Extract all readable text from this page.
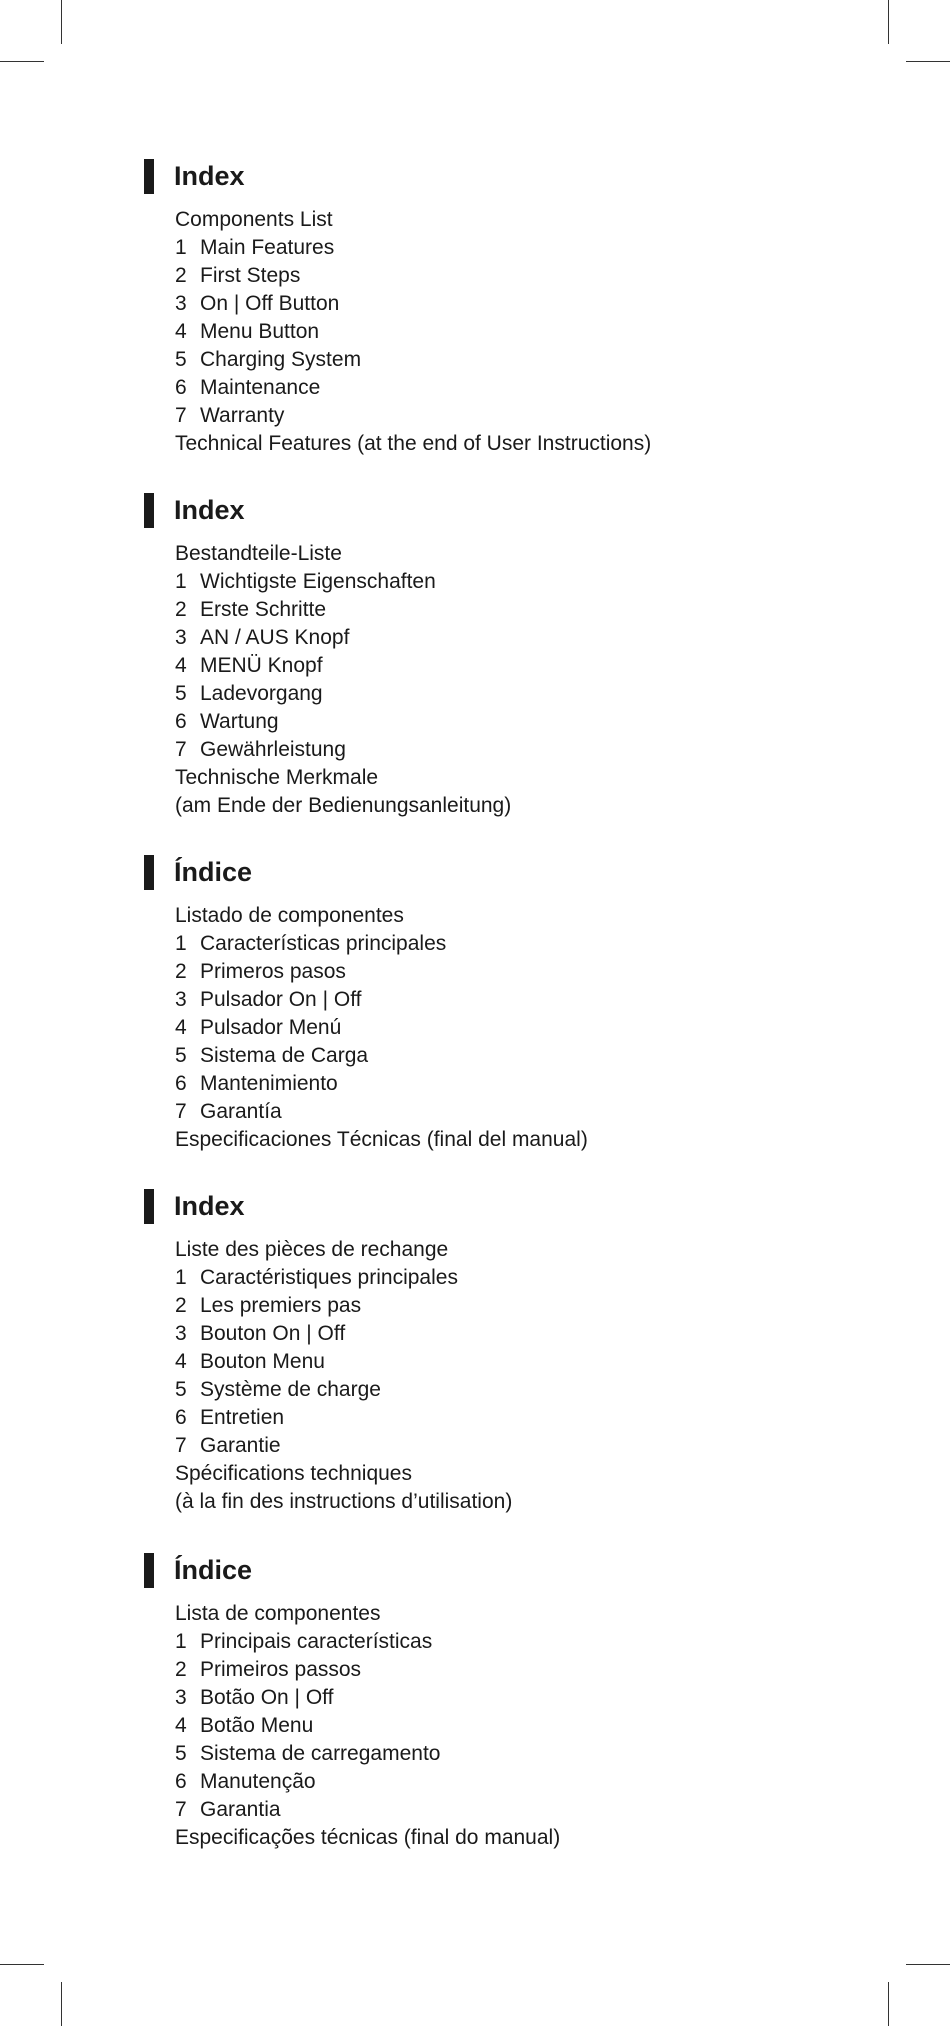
Index
Components List
1 Main Features
2 First Steps
3 On | Off Button
4 Menu Button
5 Charging System
6 Maintenance
7 Warranty
Technical Features (at the end of User Instructions)
Index
Bestandteile-Liste
1 Wichtigste Eigenschaften
2 Erste Schritte
3 AN / AUS Knopf
4 MENÜ Knopf
5 Ladevorgang
6 Wartung
7 Gewährleistung
Technische Merkmale
(am Ende der Bedienungsanleitung)
Índice
Listado de componentes
1 Características principales
2 Primeros pasos
3 Pulsador On | Off
4 Pulsador Menú
5 Sistema de Carga
6 Mantenimiento
7 Garantía
Especificaciones Técnicas (final del manual)
Index
Liste des pièces de rechange
1 Caractéristiques principales
2 Les premiers pas
3 Bouton On | Off
4 Bouton Menu
5 Système de charge
6 Entretien
7 Garantie
Spécifications techniques
(à la fin des instructions d’utilisation)
Índice
Lista de componentes
1 Principais características
2 Primeiros passos
3 Botão On | Off
4 Botão Menu
5 Sistema de carregamento
6 Manutenção
7 Garantia
Especificações técnicas (final do manual)
